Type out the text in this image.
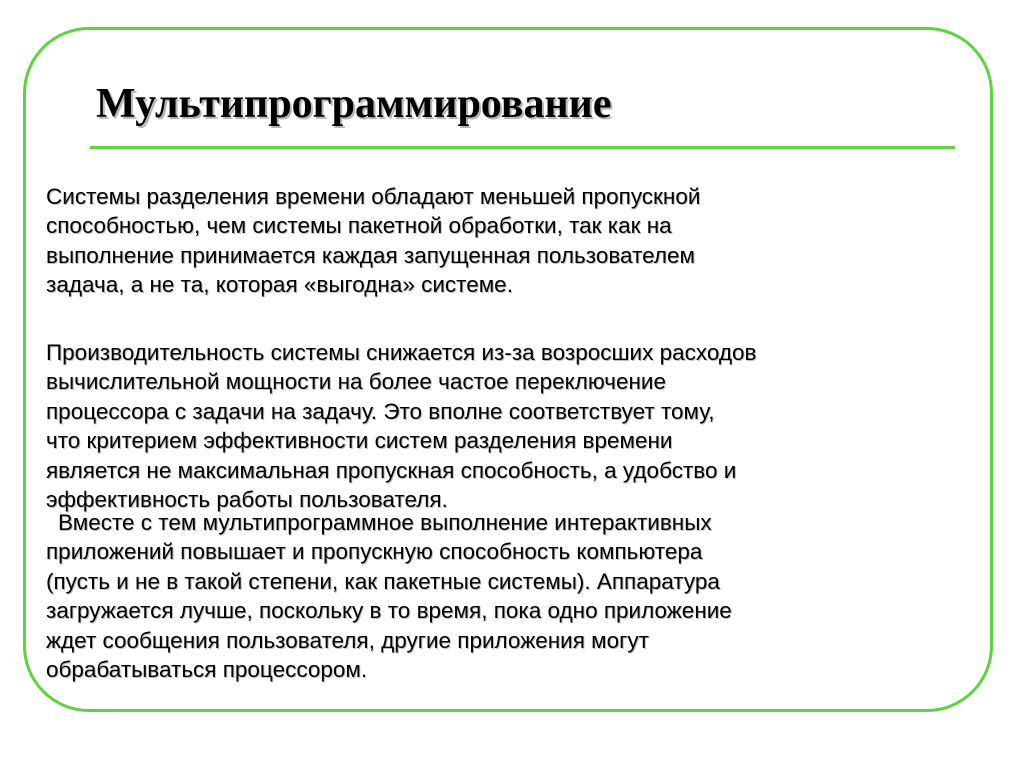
Мультипрограммирование

Системы разделения времени обладают меньшей пропускной
способностью, чем системы пакетной обработки, так как на
выполнение принимается каждая запущенная пользователем
задача, а не та, которая «выгодна» системе.

Производительность системы снижается из-за возросших расходов
вычислительной мощности на более частое переключение
процессора с задачи на задачу. Это вполне соответствует тому,
что критерием эффективности систем разделения времени
является не максимальная пропускная способность, а удобство и
эффективность работы пользователя.

Вместе с тем мультипрограммное выполнение интерактивных
приложений повышает и пропускную способность компьютера
(пусть и не в такой степени, как пакетные системы). Аппаратура
загружается лучше, поскольку в то время, пока одно приложение
ждет сообщения пользователя, другие приложения могут
обрабатываться процессором.
